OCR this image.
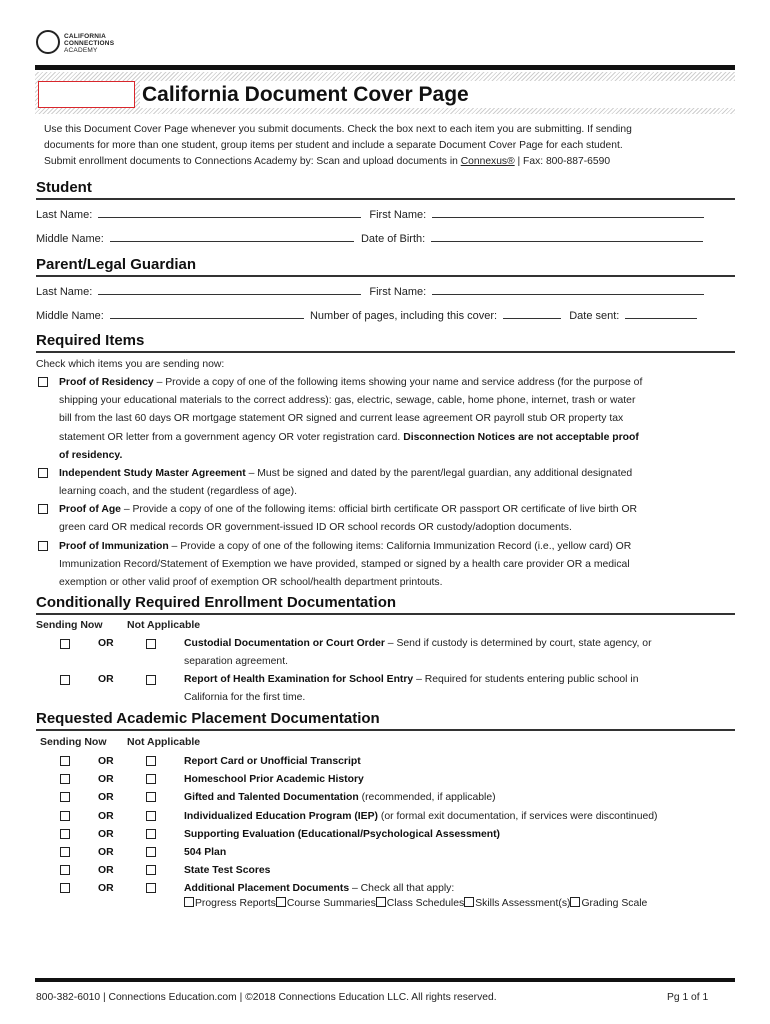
CALIFORNIA
CONNECTIONS
ACADEMY
California Document Cover Page
Use this Document Cover Page whenever you submit documents. Check the box next to each item you are submitting. If sending
documents for more than one student, group items per student and include a separate Document Cover Page for each student.
Submit enrollment documents to Connections Academy by: Scan and upload documents in Connexus® | Fax: 800-887-6590
Student
Last Name:	First Name:
Middle Name:	Date of Birth:
Parent/Legal Guardian
Last Name:	First Name:
Middle Name:	Number of pages, including this cover:	Date sent:
Required Items
Check which items you are sending now:
Proof of Residency – Provide a copy of one of the following items showing your name and service address (for the purpose of
shipping your educational materials to the correct address): gas, electric, sewage, cable, home phone, internet, trash or water
bill from the last 60 days OR mortgage statement OR signed and current lease agreement OR payroll stub OR property tax
statement OR letter from a government agency OR voter registration card. Disconnection Notices are not acceptable proof
of residency.
Independent Study Master Agreement – Must be signed and dated by the parent/legal guardian, any additional designated
learning coach, and the student (regardless of age).
Proof of Age – Provide a copy of one of the following items: official birth certificate OR passport OR certificate of live birth OR
green card OR medical records OR government-issued ID OR school records OR custody/adoption documents.
Proof of Immunization – Provide a copy of one of the following items: California Immunization Record (i.e., yellow card) OR
Immunization Record/Statement of Exemption we have provided, stamped or signed by a health care provider OR a medical
exemption or other valid proof of exemption OR school/health department printouts.
Conditionally Required Enrollment Documentation
Sending Now Not Applicable
OR	Custodial Documentation or Court Order – Send if custody is determined by court, state agency, or
separation agreement.
OR	Report of Health Examination for School Entry – Required for students entering public school in
California for the first time.
Requested Academic Placement Documentation
Sending Now Not Applicable
OR	Report Card or Unofficial Transcript
OR	Homeschool Prior Academic History
OR	Gifted and Talented Documentation (recommended, if applicable)
OR	Individualized Education Program (IEP) (or formal exit documentation, if services were discontinued)
OR	Supporting Evaluation (Educational/Psychological Assessment)
OR	504 Plan
OR	State Test Scores
OR	Additional Placement Documents – Check all that apply:
Progress Reports Course Summaries Class Schedules Skills Assessment(s) Grading Scale
800-382-6010 | Connections Education.com | ©2018 Connections Education LLC. All rights reserved.	Pg 1 of 1
